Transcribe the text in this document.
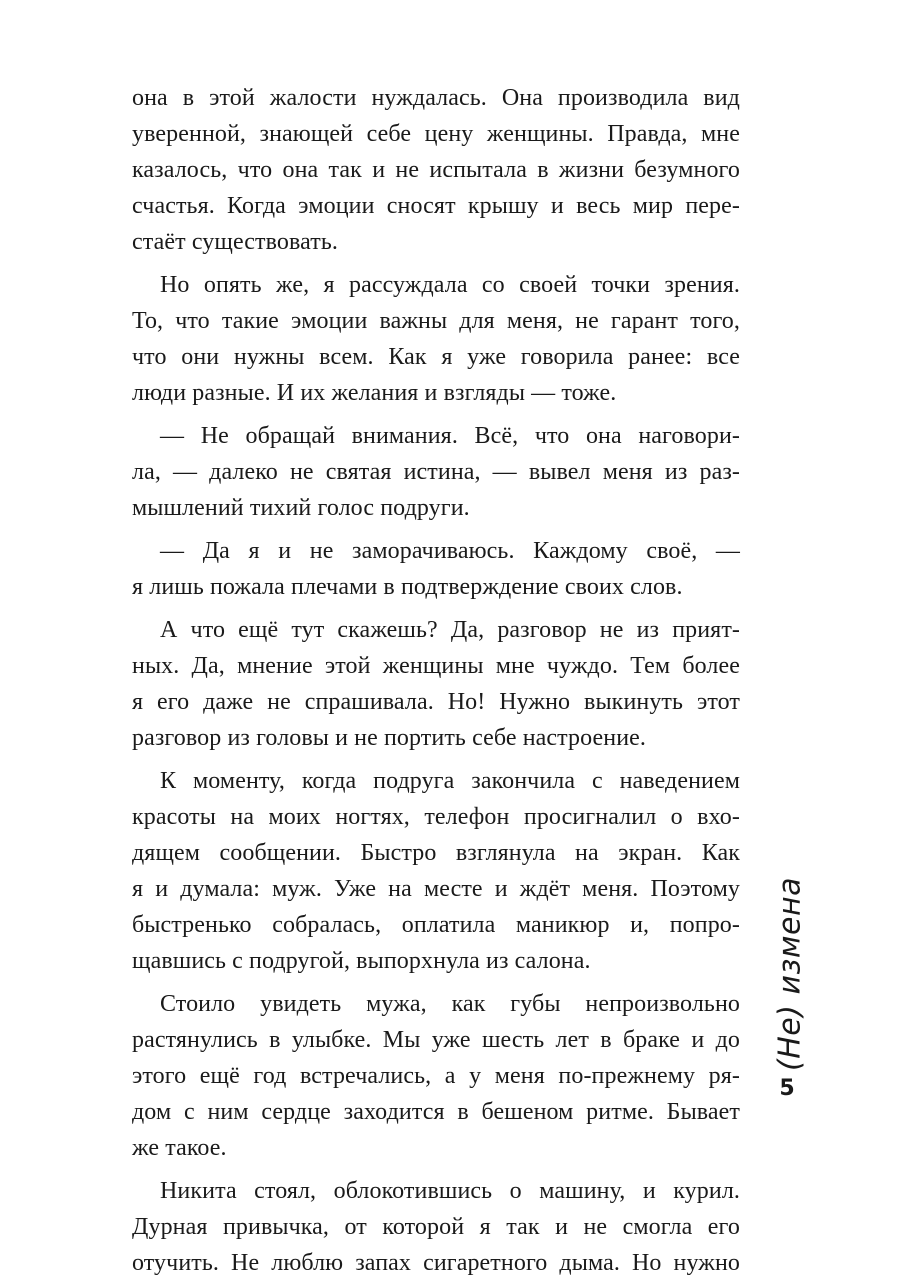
она в этой жалости нуждалась. Она производила вид
уверенной, знающей себе цену женщины. Правда, мне
казалось, что она так и не испытала в жизни безумного
счастья. Когда эмоции сносят крышу и весь мир пере-
стаёт существовать.
Но опять же, я рассуждала со своей точки зрения.
То, что такие эмоции важны для меня, не гарант того,
что они нужны всем. Как я уже говорила ранее: все
люди разные. И их желания и взгляды — тоже.
— Не обращай внимания. Всё, что она наговори-
ла, — далеко не святая истина, — вывел меня из раз-
мышлений тихий голос подруги.
— Да я и не заморачиваюсь. Каждому своё, —
я лишь пожала плечами в подтверждение своих слов.
А что ещё тут скажешь? Да, разговор не из прият-
ных. Да, мнение этой женщины мне чуждо. Тем более
я его даже не спрашивала. Но! Нужно выкинуть этот
разговор из головы и не портить себе настроение.
К моменту, когда подруга закончила с наведением
красоты на моих ногтях, телефон просигналил о вхо-
дящем сообщении. Быстро взглянула на экран. Как
я и думала: муж. Уже на месте и ждёт меня. Поэтому
быстренько собралась, оплатила маникюр и, попро-
щавшись с подругой, выпорхнула из салона.
Стоило увидеть мужа, как губы непроизвольно
растянулись в улыбке. Мы уже шесть лет в браке и до
этого ещё год встречались, а у меня по-прежнему ря-
дом с ним сердце заходится в бешеном ритме. Бывает
же такое.
Никита стоял, облокотившись о машину, и курил.
Дурная привычка, от которой я так и не смогла его
отучить. Не люблю запах сигаретного дыма. Но нужно
(Не) измена
5
